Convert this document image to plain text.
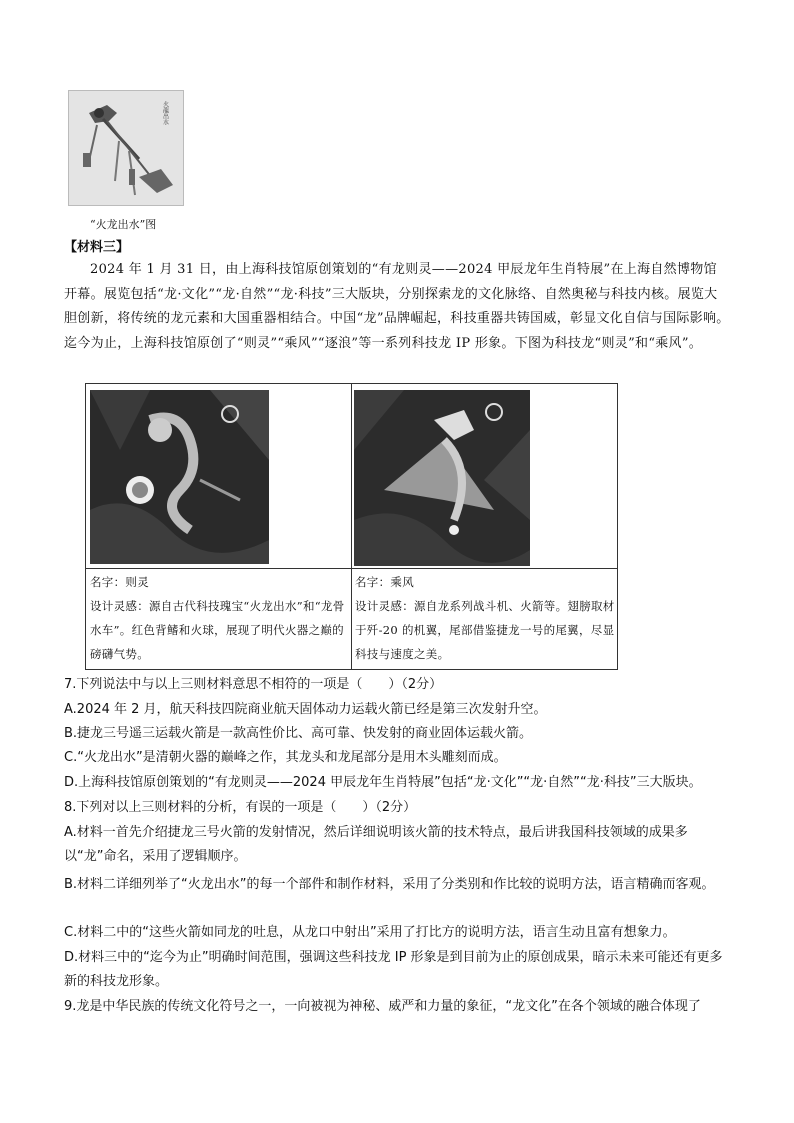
火龍出水
“火龙出水”图
【材料三】
2024 年 1 月 31 日，由上海科技馆原创策划的“有龙则灵——2024 甲辰龙年生肖特展”在上海自然博物馆开幕。展览包括“龙·文化”“龙·自然”“龙·科技”三大版块，分别探索龙的文化脉络、自然奥秘与科技内核。展览大胆创新，将传统的龙元素和大国重器相结合。中国“龙”品牌崛起，科技重器共铸国威，彰显文化自信与国际影响。迄今为止，上海科技馆原创了“则灵”“乘风”“逐浪”等一系列科技龙 IP 形象。下图为科技龙“则灵”和“乘风”。
名字：则灵
设计灵感：源自古代科技瑰宝“火龙出水”和“龙骨水车”。红色背鳍和火球，展现了明代火器之巅的磅礴气势。
名字：乘风
设计灵感：源自龙系列战斗机、火箭等。翅膀取材于歼-20 的机翼，尾部借鉴捷龙一号的尾翼，尽显科技与速度之美。
7.下列说法中与以上三则材料意思不相符的一项是（　　）（2分）
A.2024 年 2 月，航天科技四院商业航天固体动力运载火箭已经是第三次发射升空。
B.捷龙三号遥三运载火箭是一款高性价比、高可靠、快发射的商业固体运载火箭。
C.“火龙出水”是清朝火器的巅峰之作，其龙头和龙尾部分是用木头雕刻而成。
D.上海科技馆原创策划的“有龙则灵——2024 甲辰龙年生肖特展”包括“龙·文化”“龙·自然”“龙·科技”三大版块。
8.下列对以上三则材料的分析，有误的一项是（　　）（2分）
A.材料一首先介绍捷龙三号火箭的发射情况，然后详细说明该火箭的技术特点，最后讲我国科技领域的成果多以“龙”命名，采用了逻辑顺序。
B.材料二详细列举了“火龙出水”的每一个部件和制作材料，采用了分类别和作比较的说明方法，语言精确而客观。
C.材料二中的“这些火箭如同龙的吐息，从龙口中射出”采用了打比方的说明方法，语言生动且富有想象力。
D.材料三中的“迄今为止”明确时间范围，强调这些科技龙 IP 形象是到目前为止的原创成果，暗示未来可能还有更多新的科技龙形象。
9.龙是中华民族的传统文化符号之一，一向被视为神秘、威严和力量的象征，“龙文化”在各个领域的融合体现了
